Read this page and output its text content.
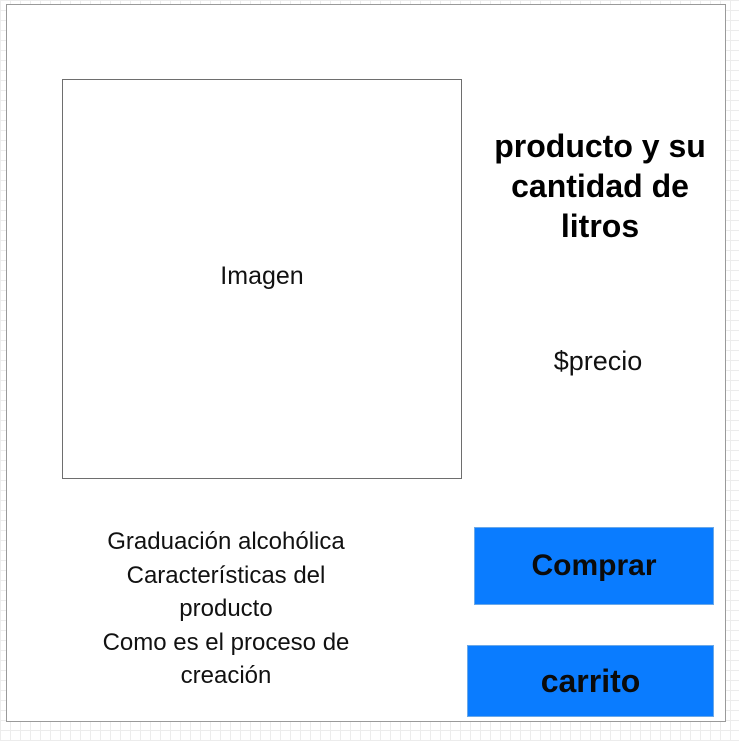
Imagen
producto y su cantidad de litros
$precio
Graduación alcohólica
Características del
producto
Como es el proceso de
creación
Comprar
carrito
